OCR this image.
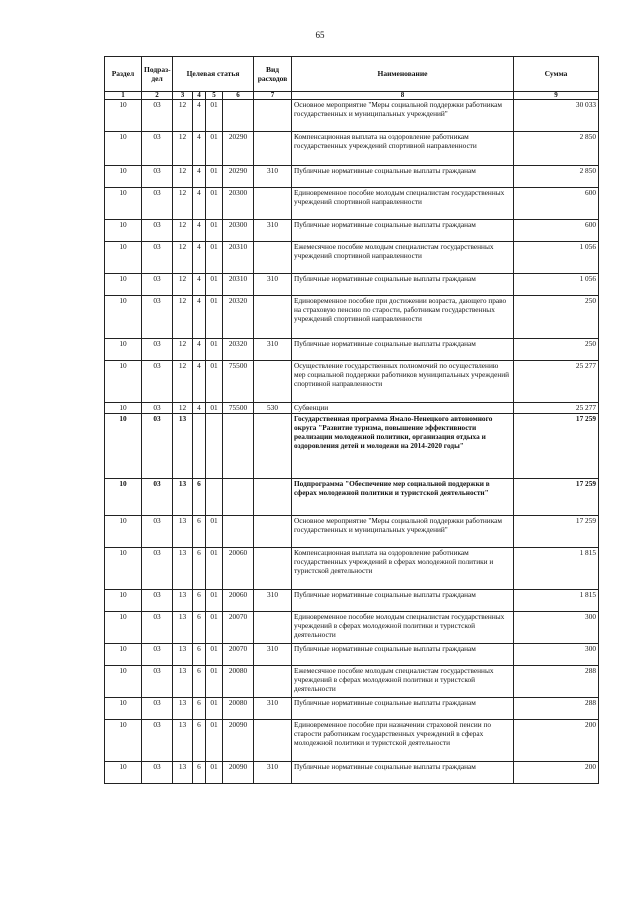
65
Раздел	Подраз-дел	Целевая статья				Вид расходов	Наименование	Сумма
1	2	3	4	5	6	7	8	9
10	03	12	4	01			Основное мероприятие "Меры социальной поддержки работникам государственных и муниципальных учреждений"	30 033
10	03	12	4	01	20290		Компенсационная выплата на оздоровление работникам государственных учреждений спортивной направленности	2 850
10	03	12	4	01	20290	310	Публичные нормативные социальные выплаты гражданам	2 850
10	03	12	4	01	20300		Единовременное пособие молодым специалистам государственных учреждений спортивной направленности	600
10	03	12	4	01	20300	310	Публичные нормативные социальные выплаты гражданам	600
10	03	12	4	01	20310		Ежемесячное пособие молодым специалистам государственных учреждений спортивной направленности	1 056
10	03	12	4	01	20310	310	Публичные нормативные социальные выплаты гражданам	1 056
10	03	12	4	01	20320		Единовременное пособие при достижении возраста, дающего право на страховую пенсию по старости, работникам государственных учреждений спортивной направленности	250
10	03	12	4	01	20320	310	Публичные нормативные социальные выплаты гражданам	250
10	03	12	4	01	75500		Осуществление государственных полномочий по осуществлению мер социальной поддержки работников муниципальных учреждений спортивной направленности	25 277
10	03	12	4	01	75500	530	Субвенции	25 277
10	03	13					Государственная программа Ямало-Ненецкого автономного округа "Развитие туризма, повышение эффективности реализации молодежной политики, организация отдыха и оздоровления детей и молодежи на 2014-2020 годы"	17 259
10	03	13	6				Подпрограмма "Обеспечение мер социальной поддержки в сферах молодежной политики и туристской деятельности"	17 259
10	03	13	6	01			Основное мероприятие "Меры социальной поддержки работникам государственных и муниципальных учреждений"	17 259
10	03	13	6	01	20060		Компенсационная выплата на оздоровление работникам государственных учреждений в сферах молодежной политики и туристской деятельности	1 815
10	03	13	6	01	20060	310	Публичные нормативные социальные выплаты гражданам	1 815
10	03	13	6	01	20070		Единовременное пособие молодым специалистам государственных учреждений в сферах молодежной политики и туристской деятельности	300
10	03	13	6	01	20070	310	Публичные нормативные социальные выплаты гражданам	300
10	03	13	6	01	20080		Ежемесячное пособие молодым специалистам государственных учреждений в сферах молодежной политики и туристской деятельности	288
10	03	13	6	01	20080	310	Публичные нормативные социальные выплаты гражданам	288
10	03	13	6	01	20090		Единовременное пособие при назначении страховой пенсии по старости работникам государственных учреждений в сферах молодежной политики и туристской деятельности	200
10	03	13	6	01	20090	310	Публичные нормативные социальные выплаты гражданам	200
